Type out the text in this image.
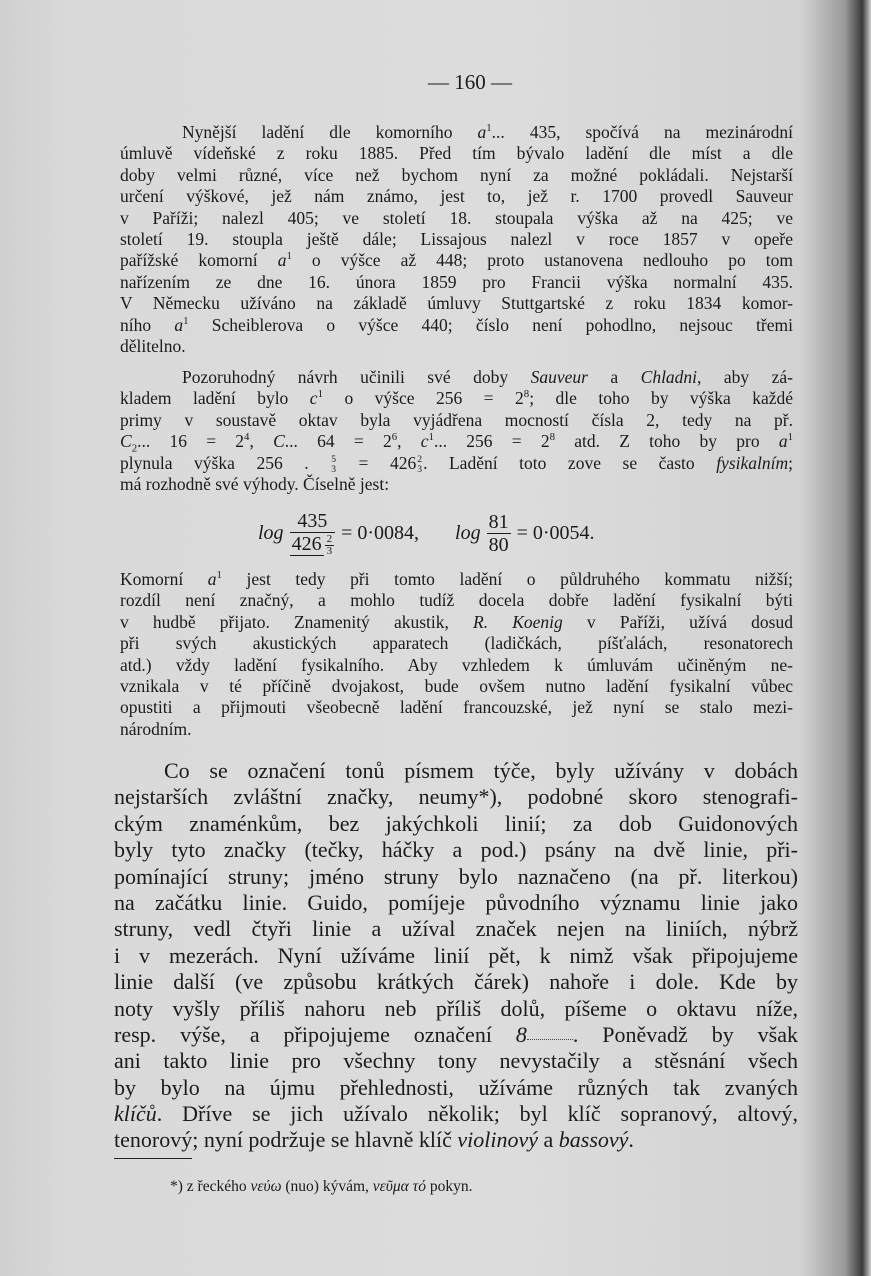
— 160 —
Nynější ladění dle komorního $a^1$... 435, spočívá na mezinárodní
úmluvě vídeňské z roku 1885. Před tím bývalo ladění dle míst a dle
doby velmi různé, více než bychom nyní za možné pokládali. Nejstarší
určení výškové, jež nám známo, jest to, jež r. 1700 provedl Sauveur
v Paříži; nalezl 405; ve století 18. stoupala výška až na 425; ve
století 19. stoupla ještě dále; Lissajous nalezl v roce 1857 v opeře
pařížské komorní $a^1$ o výšce až 448; proto ustanovena nedlouho po tom
nařízením ze dne 16. února 1859 pro Francii výška normalní 435.
V Německu užíváno na základě úmluvy Stuttgartské z roku 1834 komor-
ního $a^1$ Scheiblerova o výšce 440; číslo není pohodlno, nejsouc třemi
dělitelno.
Pozoruhodný návrh učinili své doby Sauveur a Chladni, aby zá-
kladem ladění bylo $c^1$ o výšce $256 = 2^8$; dle toho by výška každé
primy v soustavě oktav byla vyjádřena mocností čísla 2, tedy na př.
$C_2$... $16 = 2^4$, C... $64 = 2^6$, $c^1$... $256 = 2^8$ atd. Z toho by pro $a^1$
plynula výška 256 . 5
3 = 426 2
3 . Ladění toto zove se často fysikalním;
má rozhodně své výhody. Číselně jest:
Komorní $a^1$ jest tedy při tomto ladění o půldruhého kommatu nižší;
rozdíl není značný, a mohlo tudíž docela dobře ladění fysikalní býti
v hudbě přijato. Znamenitý akustik, R. Koenig v Paříži, užívá dosud
při svých akustických apparatech (ladičkách, píšťalách, resonatorech
atd.) vždy ladění fysikalního. Aby vzhledem k úmluvám učiněným ne-
vznikala v té příčině dvojakost, bude ovšem nutno ladění fysikalní vůbec
opustiti a přijmouti všeobecně ladění francouzské, jež nyní se stalo mezi-
národním.
Co se označení tonů písmem týče, byly užívány v dobách
nejstarších zvláštní značky, neumy*), podobné skoro stenografi-
ckým znaménkům, bez jakýchkoli linií; za dob Guidonových
byly tyto značky (tečky, háčky a pod.) psány na dvě linie, při-
pomínající struny; jméno struny bylo naznačeno (na př. literkou)
na začátku linie. Guido, pomíjeje původního významu linie jako
struny, vedl čtyři linie a užíval značek nejen na liniích, nýbrž
i v mezerách. Nyní užíváme linií pět, k nimž však připojujeme
linie další (ve způsobu krátkých čárek) nahoře i dole. Kde by
noty vyšly příliš nahoru neb příliš dolů, píšeme o oktavu níže,
resp. výše, a připojujeme označení 8 . Poněvadž by však
ani takto linie pro všechny tony nevystačily a stěsnání všech
by bylo na újmu přehlednosti, užíváme různých tak zvaných
klíčů. Dříve se jich užívalo několik; byl klíč sopranový, altový,
tenorový; nyní podržuje se hlavně klíč violinový a bassový.
$\log \frac{435}{426 \frac{2}{3}} = 0\cdot 0084$, $\log \frac{81}{80} = 0\cdot 0054$.
*) z řeckého νεύω (nuo) kývám, νεῦμα τό pokyn.
